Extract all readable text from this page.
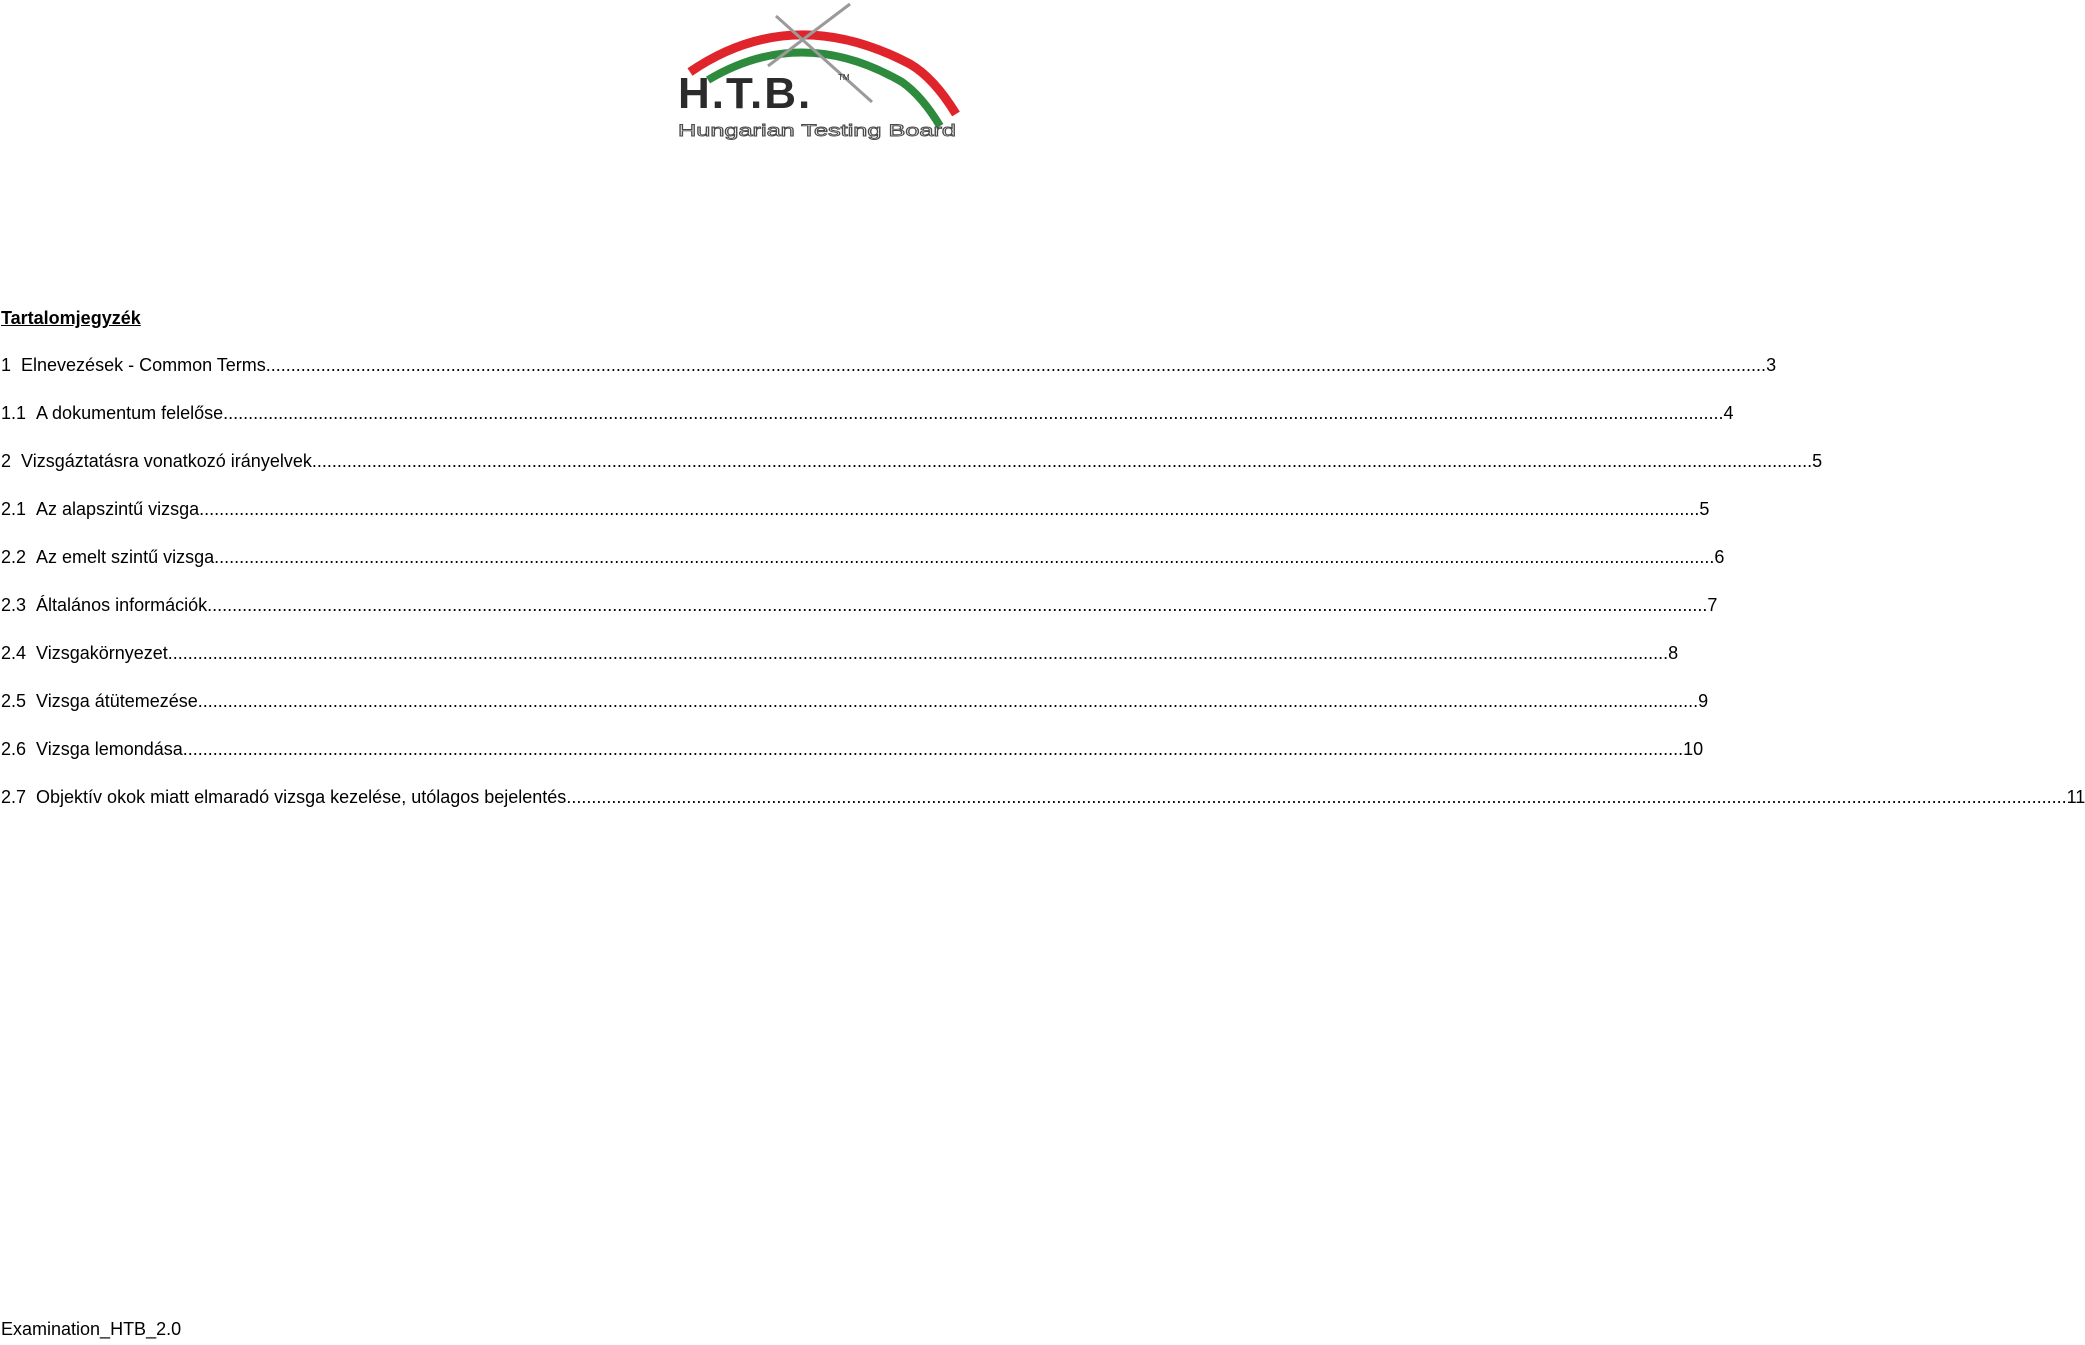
H.T.B.	TM
Hungarian Testing Board
Tartalomjegyzék
1 Elnevezések - Common Terms ............................................................................................................................................................................................................................................................................................................ 3
1.1 A dokumentum felelőse ............................................................................................................................................................................................................................................................................................................ 4
2 Vizsgáztatásra vonatkozó irányelvek ............................................................................................................................................................................................................................................................................................................ 5
2.1 Az alapszintű vizsga ............................................................................................................................................................................................................................................................................................................ 5
2.2 Az emelt szintű vizsga ............................................................................................................................................................................................................................................................................................................ 6
2.3 Általános információk ............................................................................................................................................................................................................................................................................................................ 7
2.4 Vizsgakörnyezet ............................................................................................................................................................................................................................................................................................................ 8
2.5 Vizsga átütemezése ............................................................................................................................................................................................................................................................................................................ 9
2.6 Vizsga lemondása ............................................................................................................................................................................................................................................................................................................ 10
2.7 Objektív okok miatt elmaradó vizsga kezelése, utólagos bejelentés ............................................................................................................................................................................................................................................................................................................ 11
Examination_HTB_2.0
